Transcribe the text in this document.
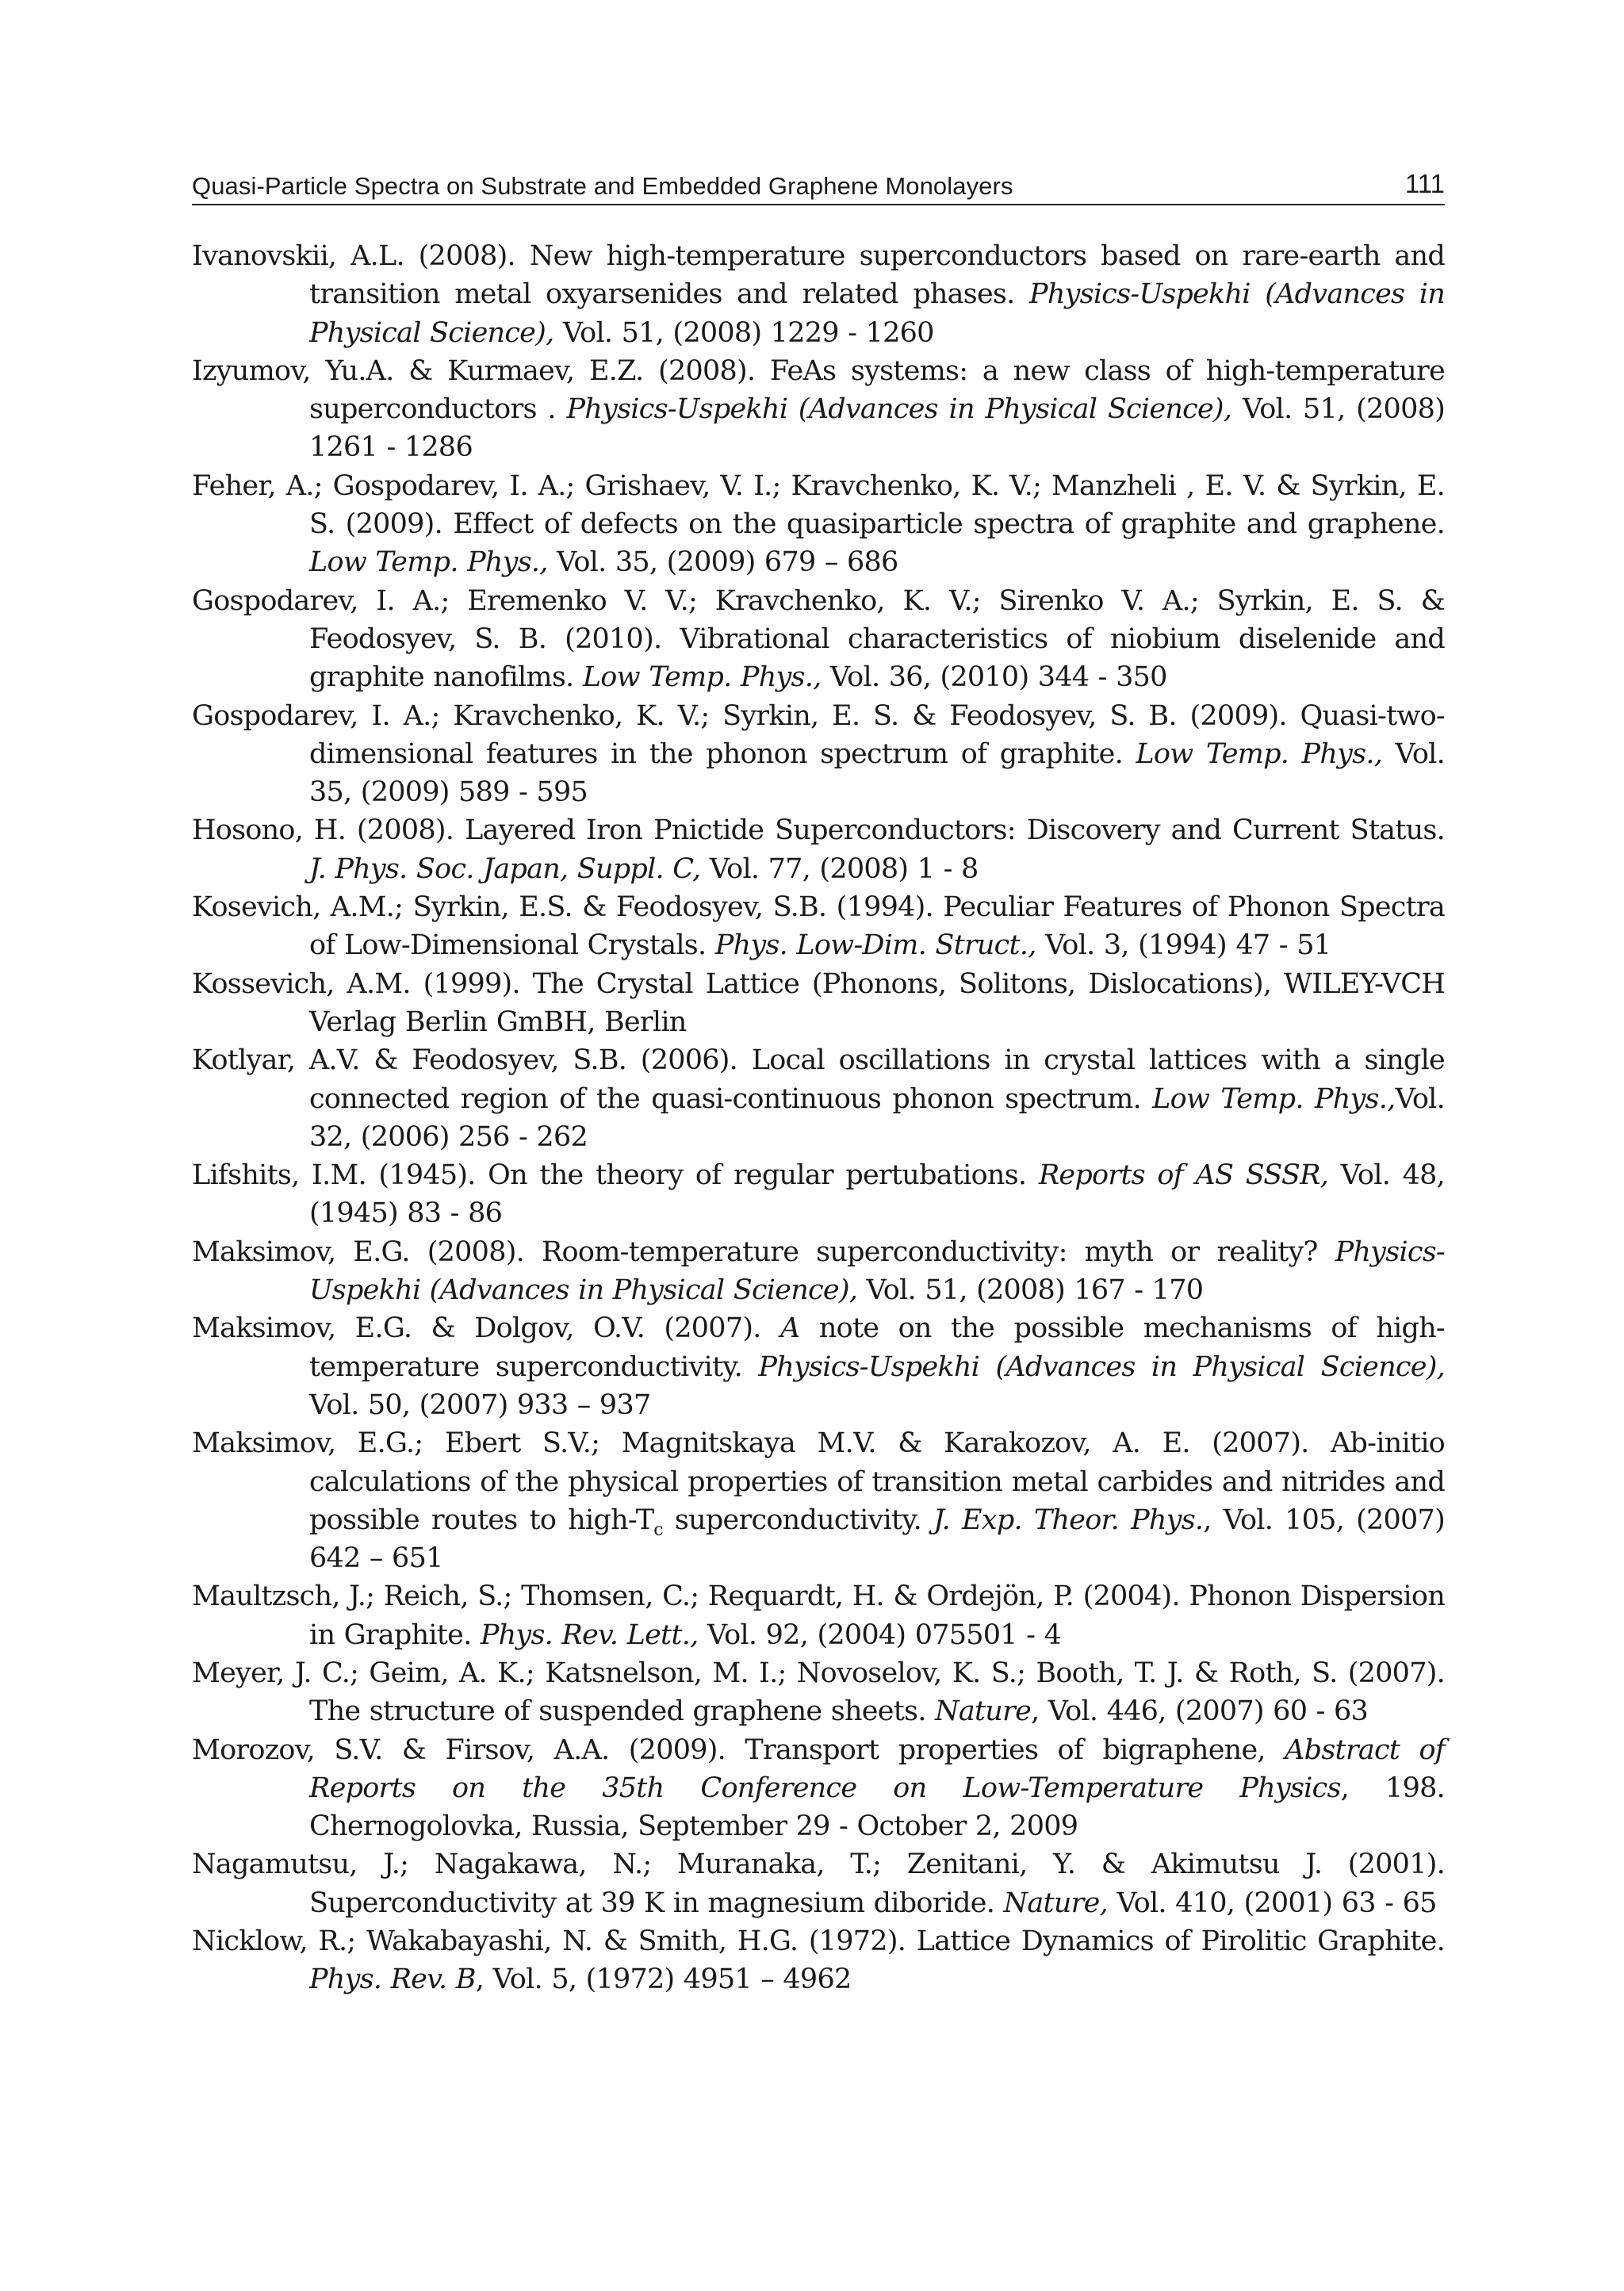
Quasi-Particle Spectra on Substrate and Embedded Graphene Monolayers	111

Ivanovskii, A.L. (2008). New high-temperature superconductors based on rare-earth and transition metal oxyarsenides and related phases. Physics-Uspekhi (Advances in Physical Science), Vol. 51, (2008) 1229 - 1260

Izyumov, Yu.A. & Kurmaev, E.Z. (2008). FeAs systems: a new class of high-temperature superconductors . Physics-Uspekhi (Advances in Physical Science), Vol. 51, (2008) 1261 - 1286

Feher, A.; Gospodarev, I. A.; Grishaev, V. I.; Kravchenko, K. V.; Manzheli , E. V. & Syrkin, E. S. (2009). Effect of defects on the quasiparticle spectra of graphite and graphene. Low Temp. Phys., Vol. 35, (2009) 679 – 686

Gospodarev, I. A.; Eremenko V. V.; Kravchenko, K. V.; Sirenko V. A.; Syrkin, E. S. & Feodosyev, S. B. (2010). Vibrational characteristics of niobium diselenide and graphite nanofilms. Low Temp. Phys., Vol. 36, (2010) 344 - 350

Gospodarev, I. A.; Kravchenko, K. V.; Syrkin, E. S. & Feodosyev, S. B. (2009). Quasi-two-dimensional features in the phonon spectrum of graphite. Low Temp. Phys., Vol. 35, (2009) 589 - 595

Hosono, H. (2008). Layered Iron Pnictide Superconductors: Discovery and Current Status. J. Phys. Soc. Japan, Suppl. C, Vol. 77, (2008) 1 - 8

Kosevich, A.M.; Syrkin, E.S. & Feodosyev, S.B. (1994). Peculiar Features of Phonon Spectra of Low-Dimensional Crystals. Phys. Low-Dim. Struct., Vol. 3, (1994) 47 - 51

Kossevich, A.M. (1999). The Crystal Lattice (Phonons, Solitons, Dislocations), WILEY-VCH Verlag Berlin GmBH, Berlin

Kotlyar, A.V. & Feodosyev, S.B. (2006). Local oscillations in crystal lattices with a single connected region of the quasi-continuous phonon spectrum. Low Temp. Phys.,Vol. 32, (2006) 256 - 262

Lifshits, I.M. (1945). On the theory of regular pertubations. Reports of AS SSSR, Vol. 48, (1945) 83 - 86

Maksimov, E.G. (2008). Room-temperature superconductivity: myth or reality? Physics-Uspekhi (Advances in Physical Science), Vol. 51, (2008) 167 - 170

Maksimov, E.G. & Dolgov, O.V. (2007). A note on the possible mechanisms of high-temperature superconductivity. Physics-Uspekhi (Advances in Physical Science), Vol. 50, (2007) 933 – 937

Maksimov, E.G.; Ebert S.V.; Magnitskaya M.V. & Karakozov, A. E. (2007). Ab-initio calculations of the physical properties of transition metal carbides and nitrides and possible routes to high-$T_c$ superconductivity. J. Exp. Theor. Phys., Vol. 105, (2007) 642 – 651

Maultzsch, J.; Reich, S.; Thomsen, C.; Requardt, H. & Ordejön, P. (2004). Phonon Dispersion in Graphite. Phys. Rev. Lett., Vol. 92, (2004) 075501 - 4

Meyer, J. C.; Geim, A. K.; Katsnelson, M. I.; Novoselov, K. S.; Booth, T. J. & Roth, S. (2007). The structure of suspended graphene sheets. Nature, Vol. 446, (2007) 60 - 63

Morozov, S.V. & Firsov, A.A. (2009). Transport properties of bigraphene, Abstract of Reports on the 35th Conference on Low-Temperature Physics, 198. Chernogolovka, Russia, September 29 - October 2, 2009

Nagamutsu, J.; Nagakawa, N.; Muranaka, T.; Zenitani, Y. & Akimutsu J. (2001). Superconductivity at 39 K in magnesium diboride. Nature, Vol. 410, (2001) 63 - 65

Nicklow, R.; Wakabayashi, N. & Smith, H.G. (1972). Lattice Dynamics of Pirolitic Graphite. Phys. Rev. B, Vol. 5, (1972) 4951 – 4962
